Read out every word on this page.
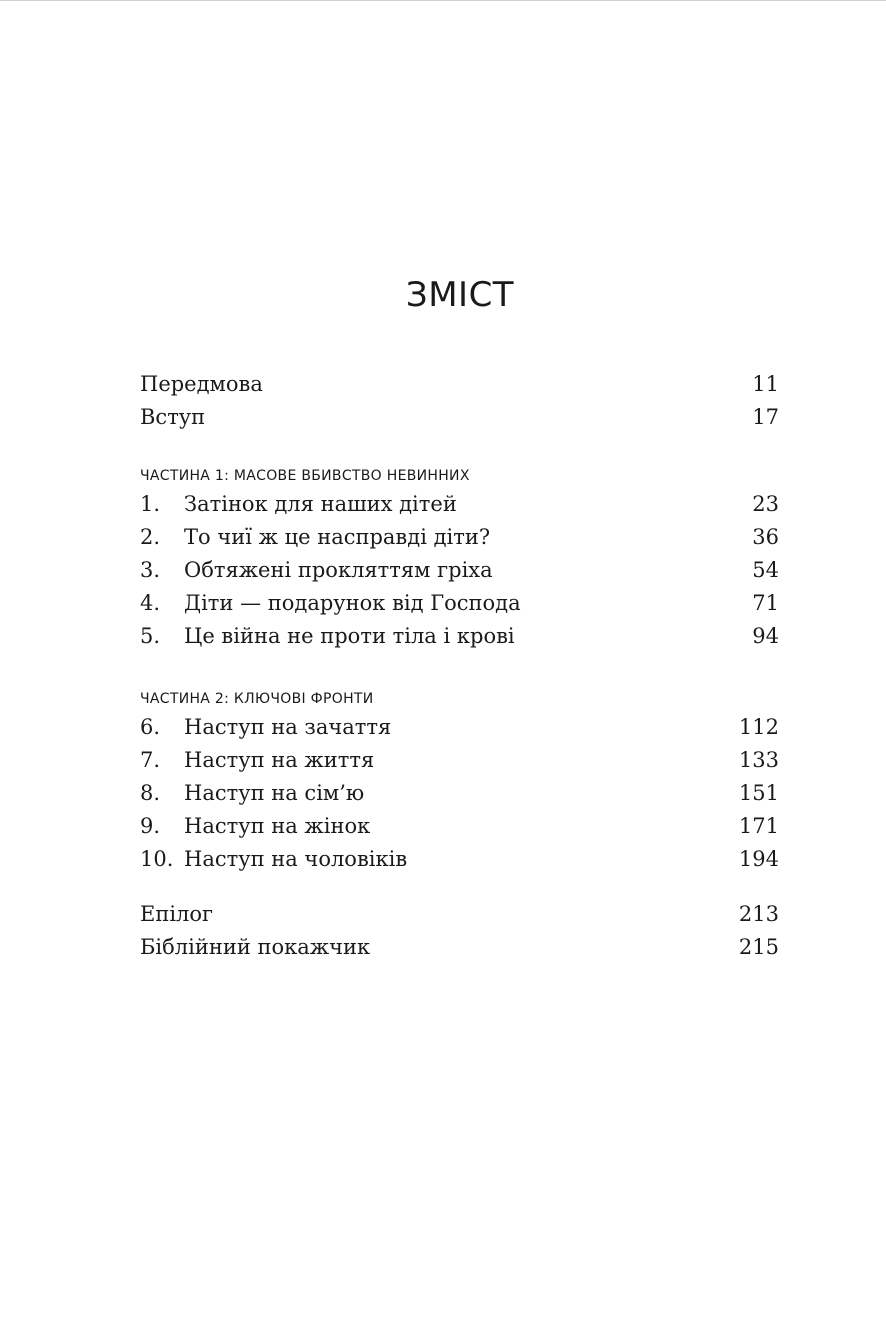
ЗМІСТ
Передмова	11
Вступ	17
ЧАСТИНА 1: МАСОВЕ ВБИВСТВО НЕВИННИХ
1.	Затінок для наших дітей	23
2.	То чиї ж це насправді діти?	36
3.	Обтяжені прокляттям гріха	54
4.	Діти — подарунок від Господа	71
5.	Це війна не проти тіла і крові	94
ЧАСТИНА 2: КЛЮЧОВІ ФРОНТИ
6.	Наступ на зачаття	112
7.	Наступ на життя	133
8.	Наступ на сім’ю	151
9.	Наступ на жінок	171
10. Наступ на чоловіків	194
Епілог	213
Біблійний покажчик	215
